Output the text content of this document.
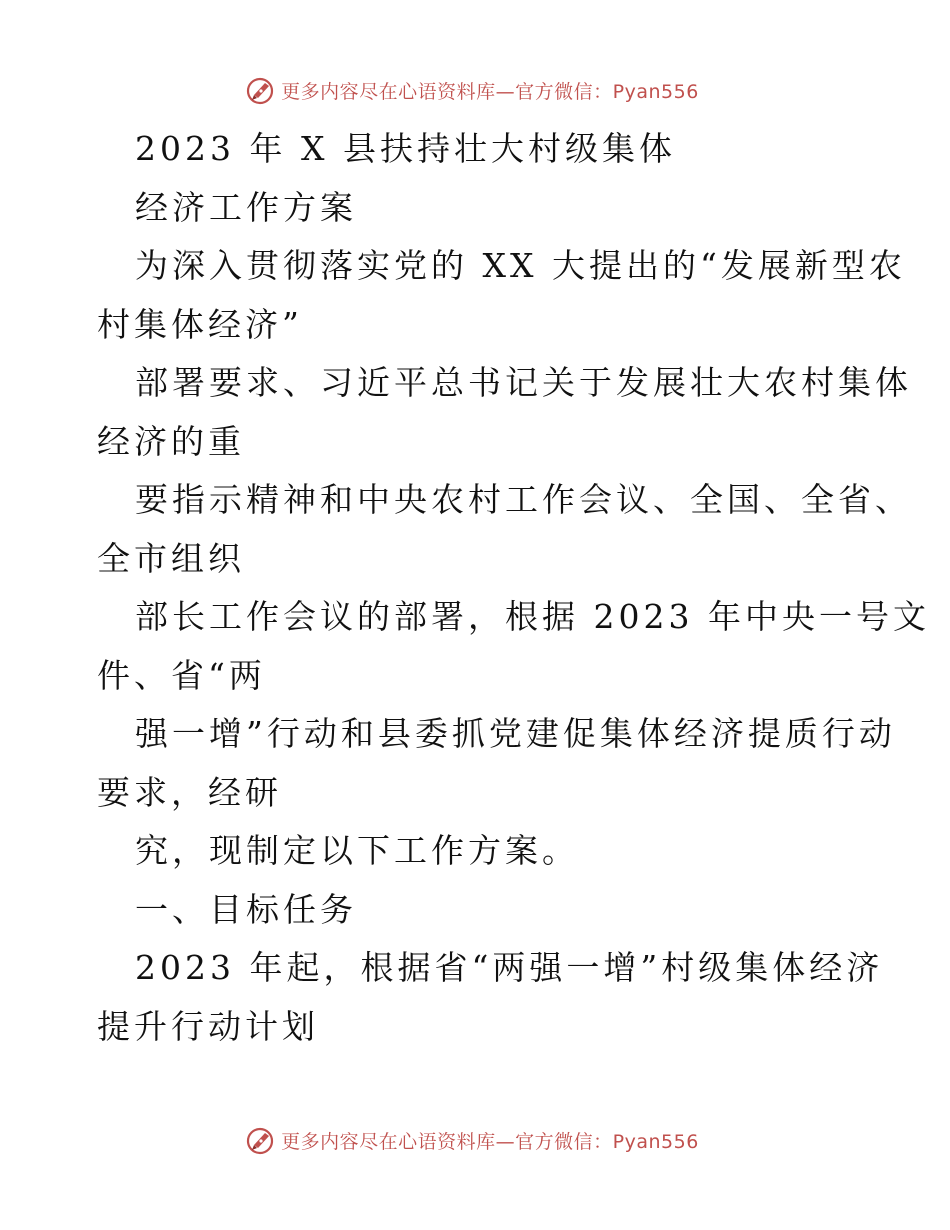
更多内容尽在心语资料库—官方微信：Pyan556
2023 年 X 县扶持壮大村级集体
经济工作方案
为深入贯彻落实党的 XX 大提出的“发展新型农
村集体经济”
部署要求、习近平总书记关于发展壮大农村集体
经济的重
要指示精神和中央农村工作会议、全国、全省、
全市组织
部长工作会议的部署，根据 2023 年中央一号文
件、省“两
强一增”行动和县委抓党建促集体经济提质行动
要求，经研
究，现制定以下工作方案。
一、目标任务
2023 年起，根据省“两强一增”村级集体经济
提升行动计划
更多内容尽在心语资料库—官方微信：Pyan556
